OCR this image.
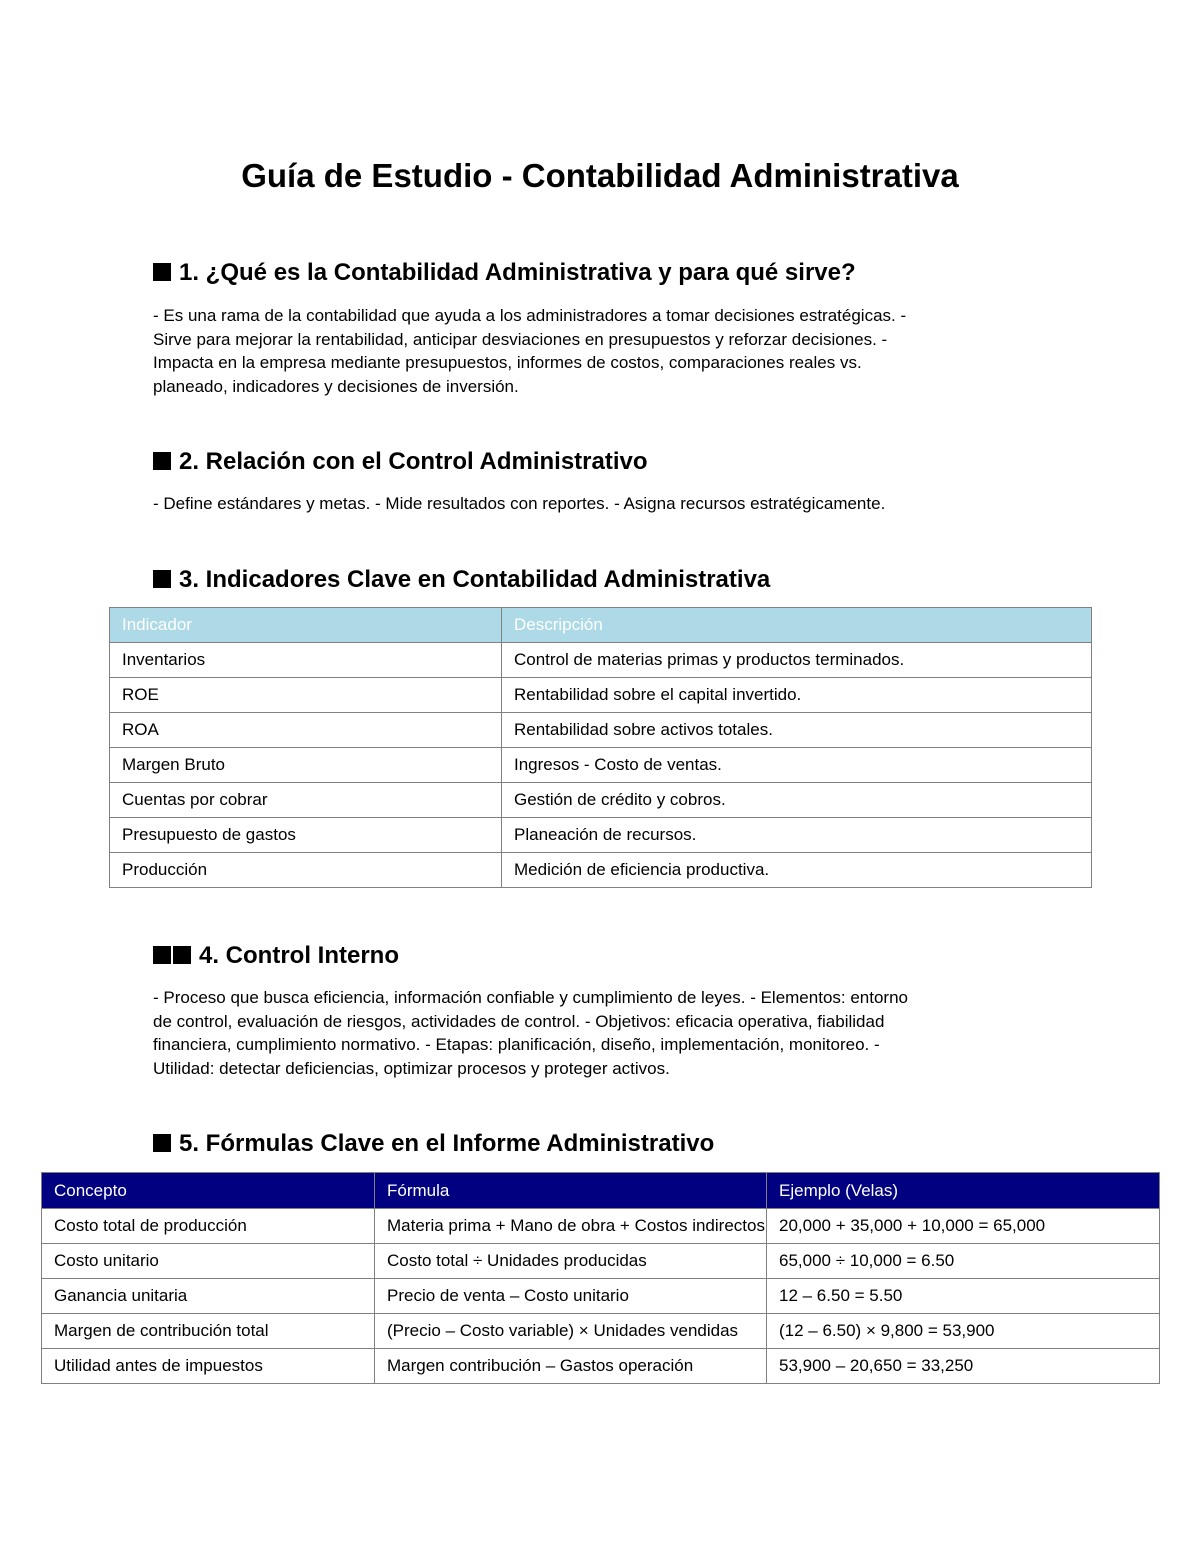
Guía de Estudio - Contabilidad Administrativa
1. ¿Qué es la Contabilidad Administrativa y para qué sirve?
- Es una rama de la contabilidad que ayuda a los administradores a tomar decisiones estratégicas. -
Sirve para mejorar la rentabilidad, anticipar desviaciones en presupuestos y reforzar decisiones. -
Impacta en la empresa mediante presupuestos, informes de costos, comparaciones reales vs.
planeado, indicadores y decisiones de inversión.
2. Relación con el Control Administrativo
- Define estándares y metas. - Mide resultados con reportes. - Asigna recursos estratégicamente.
3. Indicadores Clave en Contabilidad Administrativa
Indicador	Descripción
Inventarios	Control de materias primas y productos terminados.
ROE	Rentabilidad sobre el capital invertido.
ROA	Rentabilidad sobre activos totales.
Margen Bruto	Ingresos - Costo de ventas.
Cuentas por cobrar	Gestión de crédito y cobros.
Presupuesto de gastos	Planeación de recursos.
Producción	Medición de eficiencia productiva.
4. Control Interno
- Proceso que busca eficiencia, información confiable y cumplimiento de leyes. - Elementos: entorno
de control, evaluación de riesgos, actividades de control. - Objetivos: eficacia operativa, fiabilidad
financiera, cumplimiento normativo. - Etapas: planificación, diseño, implementación, monitoreo. -
Utilidad: detectar deficiencias, optimizar procesos y proteger activos.
5. Fórmulas Clave en el Informe Administrativo
Concepto	Fórmula	Ejemplo (Velas)
Costo total de producción	Materia prima + Mano de obra + Costos indirectos	20,000 + 35,000 + 10,000 = 65,000
Costo unitario	Costo total ÷ Unidades producidas	65,000 ÷ 10,000 = 6.50
Ganancia unitaria	Precio de venta – Costo unitario	12 – 6.50 = 5.50
Margen de contribución total	(Precio – Costo variable) × Unidades vendidas	(12 – 6.50) × 9,800 = 53,900
Utilidad antes de impuestos	Margen contribución – Gastos operación	53,900 – 20,650 = 33,250
